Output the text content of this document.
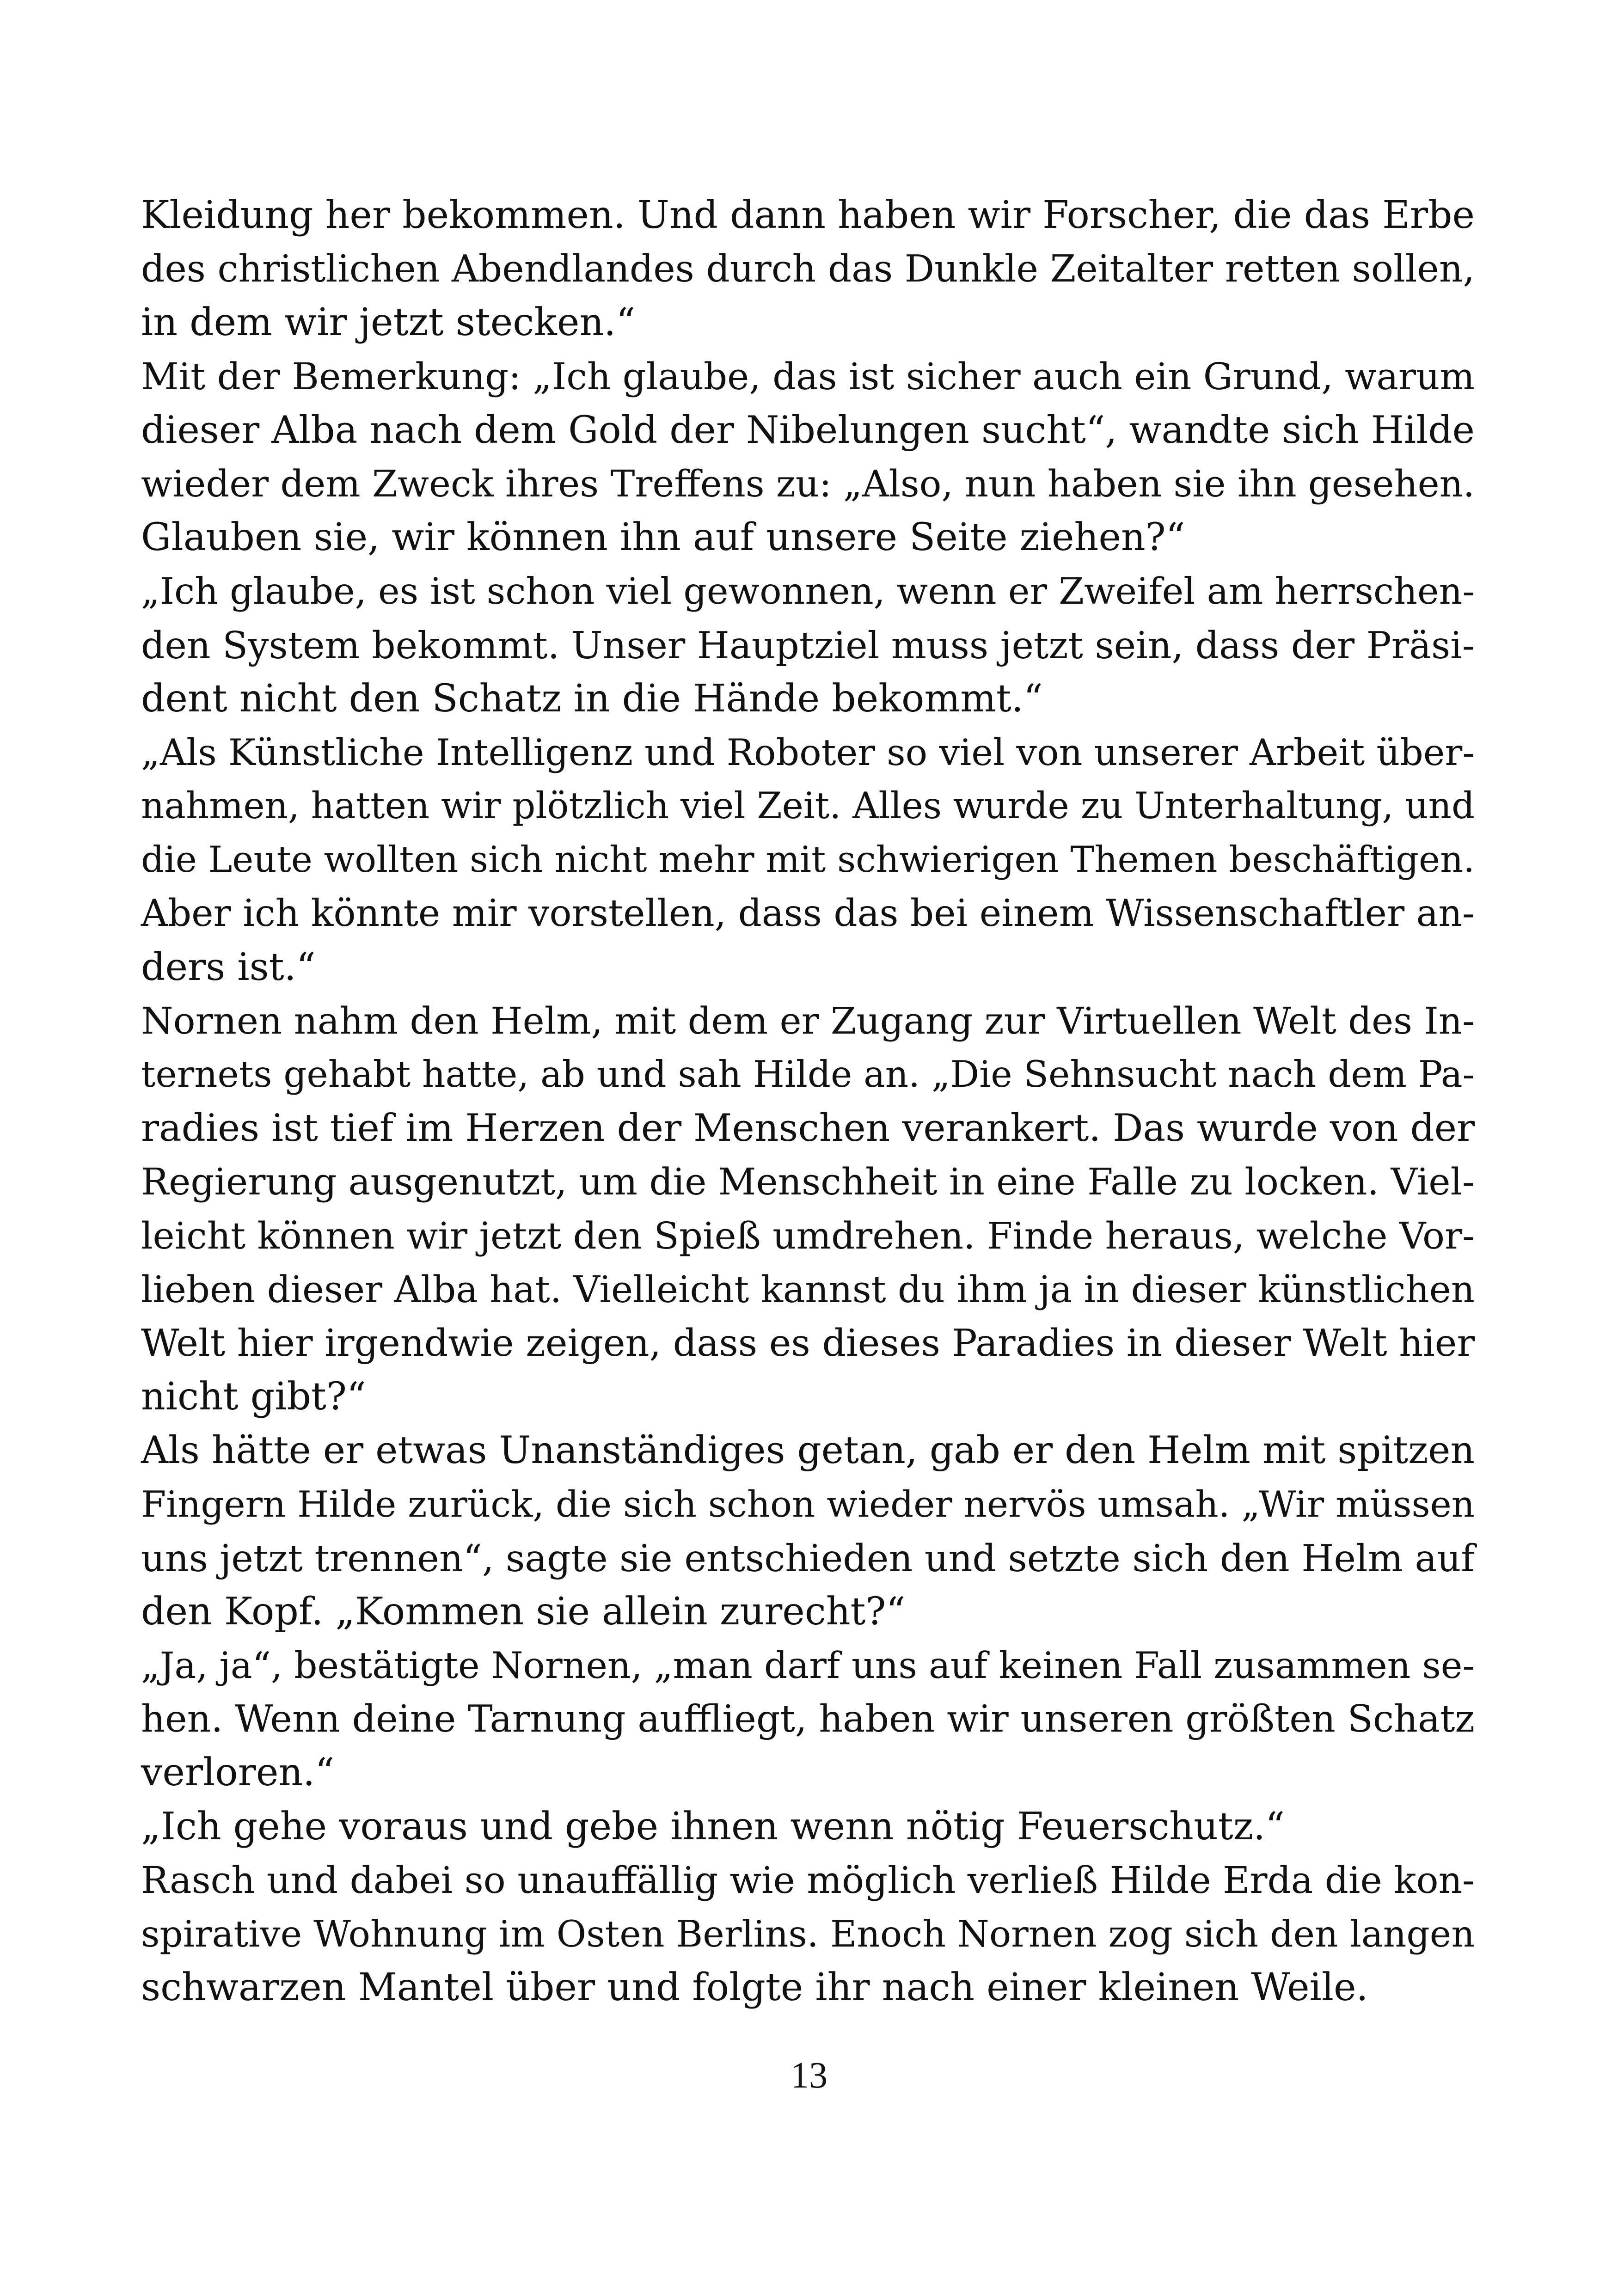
Kleidung her bekommen. Und dann haben wir Forscher, die das Erbe
des christlichen Abendlandes durch das Dunkle Zeitalter retten sollen,
in dem wir jetzt stecken.“
Mit der Bemerkung: „Ich glaube, das ist sicher auch ein Grund, warum
dieser Alba nach dem Gold der Nibelungen sucht“, wandte sich Hilde
wieder dem Zweck ihres Treffens zu: „Also, nun haben sie ihn gesehen.
Glauben sie, wir können ihn auf unsere Seite ziehen?“
„Ich glaube, es ist schon viel gewonnen, wenn er Zweifel am herrschen-
den System bekommt. Unser Hauptziel muss jetzt sein, dass der Präsi-
dent nicht den Schatz in die Hände bekommt.“
„Als Künstliche Intelligenz und Roboter so viel von unserer Arbeit über-
nahmen, hatten wir plötzlich viel Zeit. Alles wurde zu Unterhaltung, und
die Leute wollten sich nicht mehr mit schwierigen Themen beschäftigen.
Aber ich könnte mir vorstellen, dass das bei einem Wissenschaftler an-
ders ist.“
Nornen nahm den Helm, mit dem er Zugang zur Virtuellen Welt des In-
ternets gehabt hatte, ab und sah Hilde an. „Die Sehnsucht nach dem Pa-
radies ist tief im Herzen der Menschen verankert. Das wurde von der
Regierung ausgenutzt, um die Menschheit in eine Falle zu locken. Viel-
leicht können wir jetzt den Spieß umdrehen. Finde heraus, welche Vor-
lieben dieser Alba hat. Vielleicht kannst du ihm ja in dieser künstlichen
Welt hier irgendwie zeigen, dass es dieses Paradies in dieser Welt hier
nicht gibt?“
Als hätte er etwas Unanständiges getan, gab er den Helm mit spitzen
Fingern Hilde zurück, die sich schon wieder nervös umsah. „Wir müssen
uns jetzt trennen“, sagte sie entschieden und setzte sich den Helm auf
den Kopf. „Kommen sie allein zurecht?“
„Ja, ja“, bestätigte Nornen, „man darf uns auf keinen Fall zusammen se-
hen. Wenn deine Tarnung auffliegt, haben wir unseren größten Schatz
verloren.“
„Ich gehe voraus und gebe ihnen wenn nötig Feuerschutz.“
Rasch und dabei so unauffällig wie möglich verließ Hilde Erda die kon-
spirative Wohnung im Osten Berlins. Enoch Nornen zog sich den langen
schwarzen Mantel über und folgte ihr nach einer kleinen Weile.
13
